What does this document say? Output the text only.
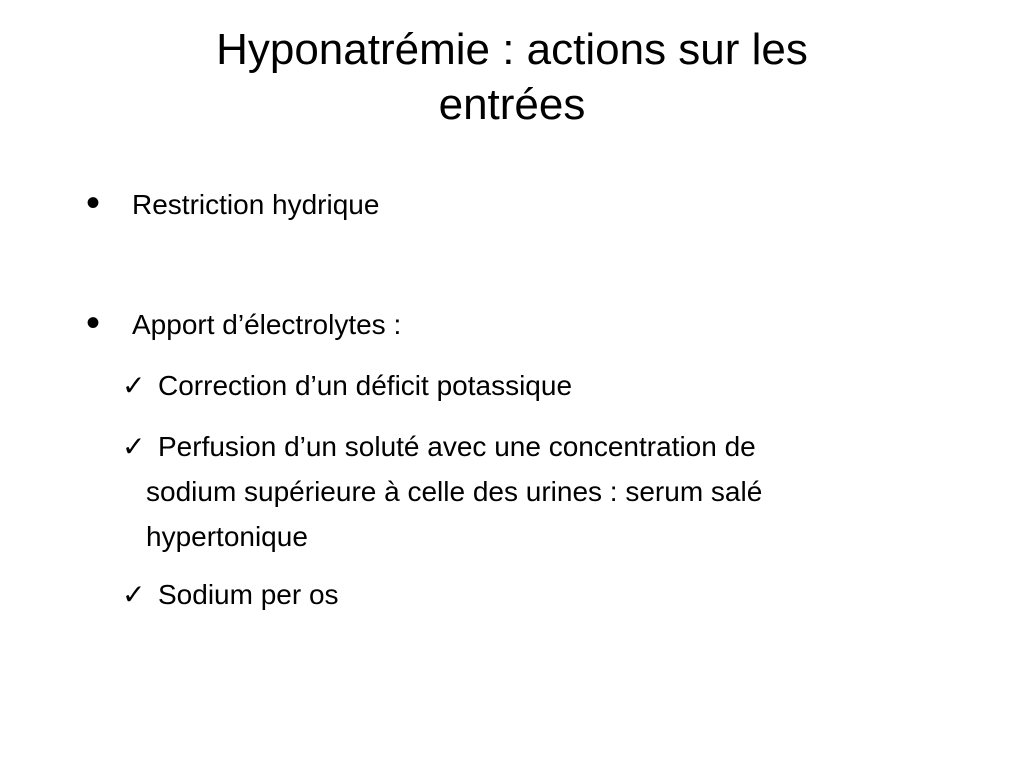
Hyponatrémie : actions sur les
entrées
•	Restriction hydrique
•	Apport d’électrolytes :
✓ Correction d’un déficit potassique
✓ Perfusion d’un soluté avec une concentration de
sodium supérieure à celle des urines : serum salé
hypertonique
✓ Sodium per os
